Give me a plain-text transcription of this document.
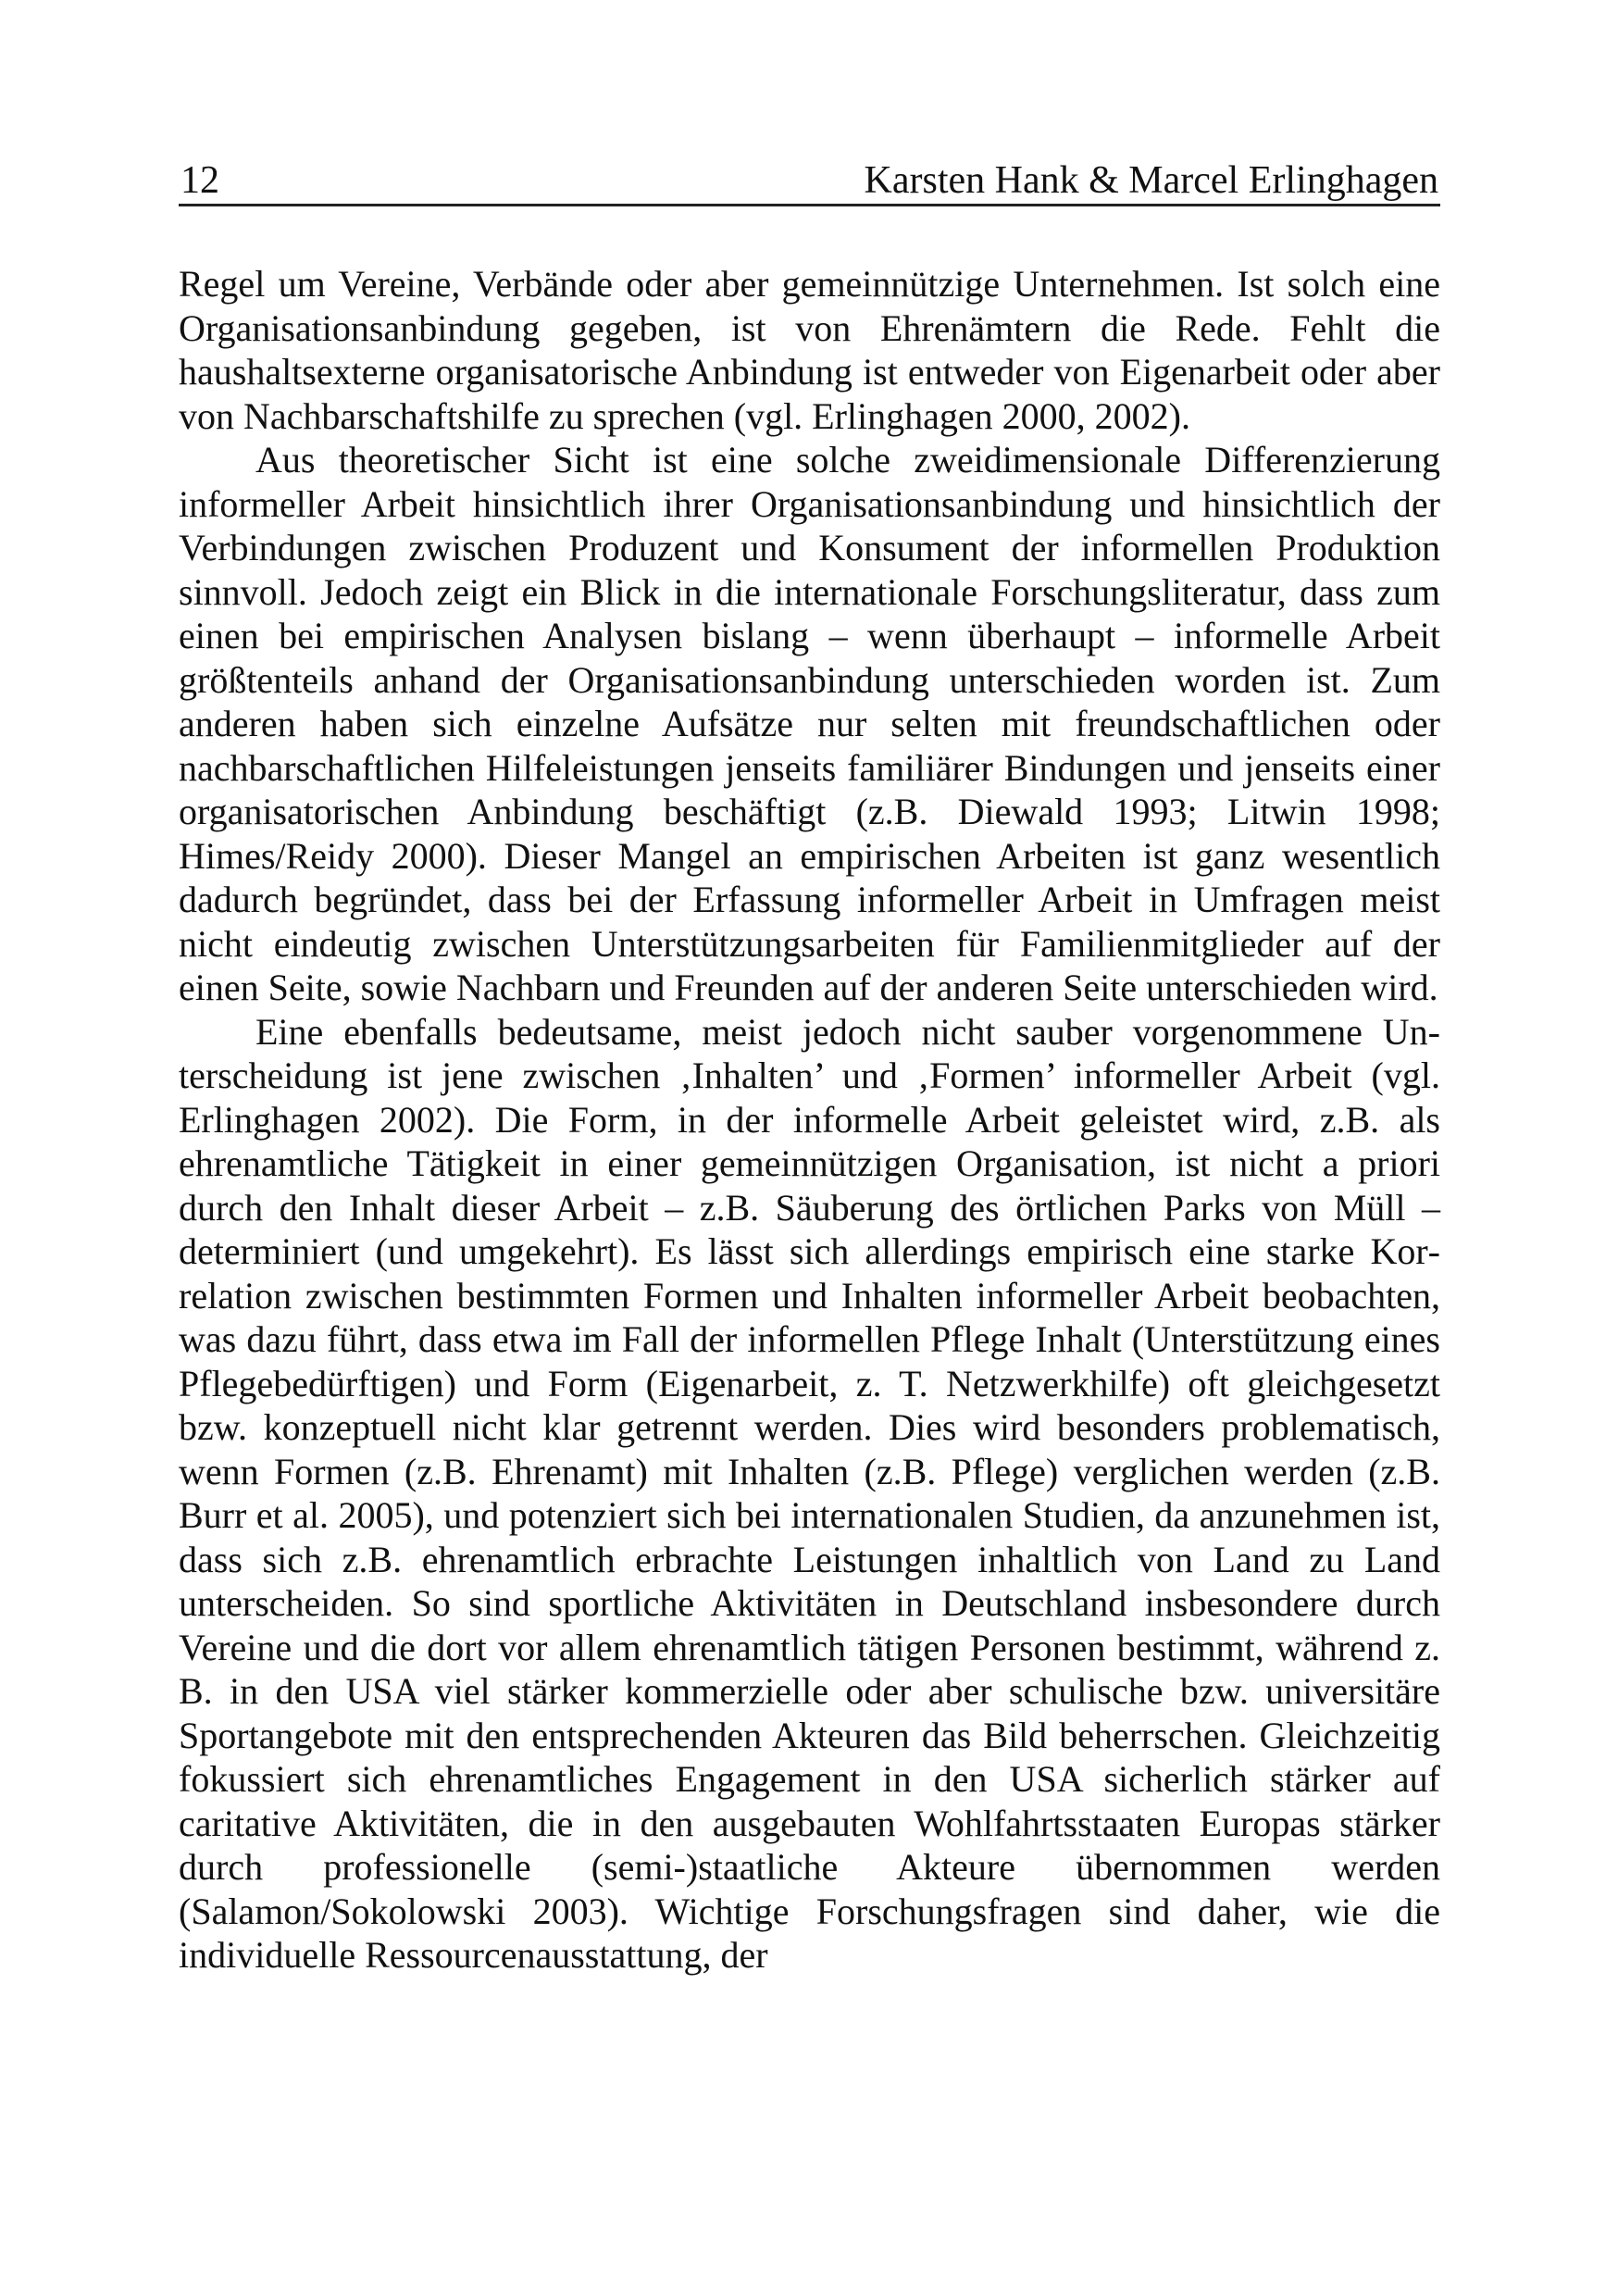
12	Karsten Hank & Marcel Erlinghagen

Regel um Vereine, Verbände oder aber gemeinnützige Unternehmen. Ist solch eine Organisationsanbindung gegeben, ist von Ehrenämtern die Rede. Fehlt die haushaltsexterne organisatorische Anbindung ist entweder von Eigenarbeit oder aber von Nachbarschaftshilfe zu sprechen (vgl. Erlinghagen 2000, 2002).

Aus theoretischer Sicht ist eine solche zweidimensionale Differenzierung informeller Arbeit hinsichtlich ihrer Organisationsanbindung und hinsichtlich der Verbindungen zwischen Produzent und Konsument der informellen Produktion sinnvoll. Jedoch zeigt ein Blick in die internationale Forschungsliteratur, dass zum einen bei empirischen Analysen bislang – wenn überhaupt – informelle Arbeit größtenteils anhand der Organisationsanbindung unterschieden worden ist. Zum anderen haben sich einzelne Aufsätze nur selten mit freundschaftlichen oder nachbarschaftlichen Hilfeleistungen jenseits familiärer Bindungen und jenseits einer organisatorischen Anbindung beschäftigt (z.B. Diewald 1993; Litwin 1998; Himes/Reidy 2000). Dieser Mangel an empirischen Arbeiten ist ganz wesentlich dadurch begründet, dass bei der Erfassung informeller Arbeit in Umfragen meist nicht eindeutig zwischen Unterstützungsarbeiten für Familienmitglieder auf der einen Seite, sowie Nachbarn und Freunden auf der anderen Seite unterschieden wird.

Eine ebenfalls bedeutsame, meist jedoch nicht sauber vorgenommene Unterscheidung ist jene zwischen ‚Inhalten’ und ‚Formen’ informeller Arbeit (vgl. Erlinghagen 2002). Die Form, in der informelle Arbeit geleistet wird, z.B. als ehrenamtliche Tätigkeit in einer gemeinnützigen Organisation, ist nicht a priori durch den Inhalt dieser Arbeit – z.B. Säuberung des örtlichen Parks von Müll – determiniert (und umgekehrt). Es lässt sich allerdings empirisch eine starke Korrelation zwischen bestimmten Formen und Inhalten informeller Arbeit beobachten, was dazu führt, dass etwa im Fall der informellen Pflege Inhalt (Unterstützung eines Pflegebedürftigen) und Form (Eigenarbeit, z. T. Netzwerkhilfe) oft gleichgesetzt bzw. konzeptuell nicht klar getrennt werden. Dies wird besonders problematisch, wenn Formen (z.B. Ehrenamt) mit Inhalten (z.B. Pflege) verglichen werden (z.B. Burr et al. 2005), und potenziert sich bei internationalen Studien, da anzunehmen ist, dass sich z.B. ehrenamtlich erbrachte Leistungen inhaltlich von Land zu Land unterscheiden. So sind sportliche Aktivitäten in Deutschland insbesondere durch Vereine und die dort vor allem ehrenamtlich tätigen Personen bestimmt, während z. B. in den USA viel stärker kommerzielle oder aber schulische bzw. universitäre Sportangebote mit den entsprechenden Akteuren das Bild beherrschen. Gleichzeitig fokussiert sich ehrenamtliches Engagement in den USA sicherlich stärker auf caritative Aktivitäten, die in den ausgebauten Wohlfahrtsstaaten Europas stärker durch professionelle (semi-)staatliche Akteure übernommen werden (Salamon/Sokolowski 2003). Wichtige Forschungsfragen sind daher, wie die individuelle Ressourcenausstattung, der
